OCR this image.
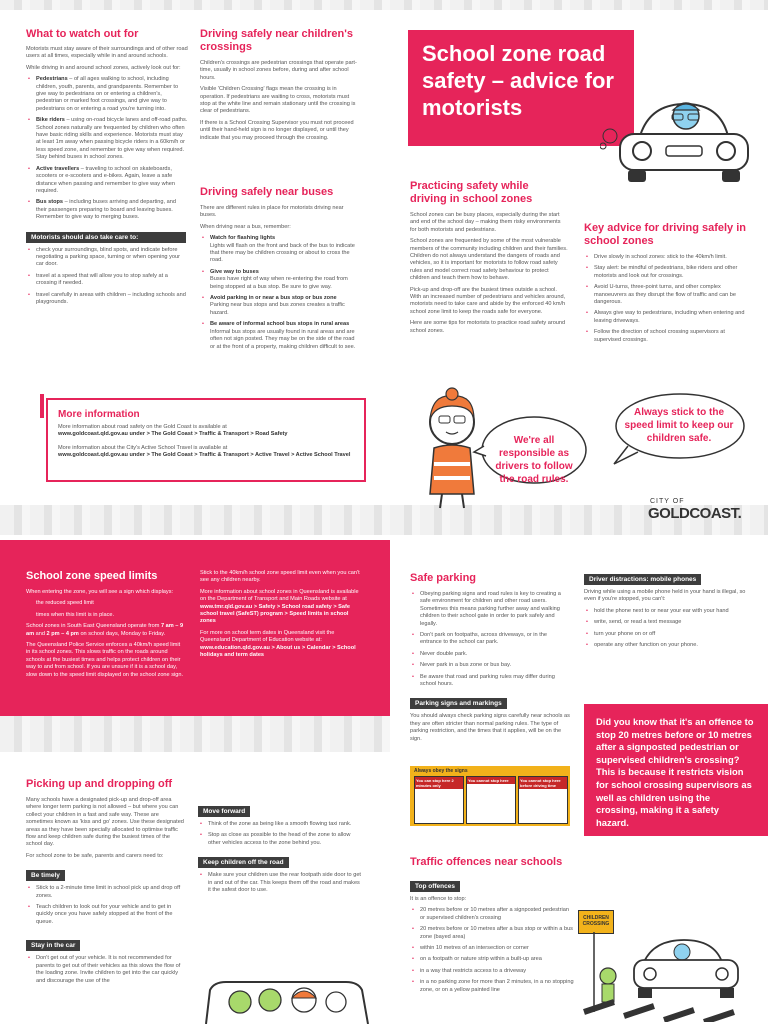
What to watch out for

Motorists must stay aware of their surroundings and of other road users at all times, especially while in and around schools.

While driving in and around school zones, actively look out for:

• Pedestrians – of all ages walking to school, including children, youth, parents, and grandparents. Remember to give way to pedestrians on or entering a children's, pedestrian or marked foot crossings, and give way to pedestrians on or entering a road you're turning into.
• Bike riders – using on-road bicycle lanes and off-road paths. School zones naturally are frequented by children who often have basic riding skills and experience. Motorists must stay at least 1m away when passing bicycle riders in a 60km/h or less speed zone, and remember to give way when required. Stay behind buses in school zones.
• Active travellers – traveling to school on skateboards, scooters or e-scooters and e-bikes. Again, leave a safe distance when passing and remember to give way when required.
• Bus stops – including buses arriving and departing, and their passengers preparing to board and leaving buses. Remember to give way to merging buses.
Motorists should also take care to:
• check your surroundings, blind spots, and indicate before negotiating a parking space, turning or when opening your car door.
• travel at a speed that will allow you to stop safely at a crossing if needed.
• travel carefully in areas with children – including schools and playgrounds.

Driving safely near children's crossings

Children's crossings are pedestrian crossings that operate part-time, usually in school zones before, during and after school hours.

Visible 'Children Crossing' flags mean the crossing is in operation. If pedestrians are waiting to cross, motorists must stop at the white line and remain stationary until the crossing is clear of pedestrians.

If there is a School Crossing Supervisor you must not proceed until their hand-held sign is no longer displayed, or until they indicate that you may proceed through the crossing.

Driving safely near buses

There are different rules in place for motorists driving near buses.

When driving near a bus, remember:

• Watch for flashing lights
Lights will flash on the front and back of the bus to indicate that there may be children crossing or about to cross the road.
• Give way to buses
Buses have right of way when re-entering the road from being stopped at a bus stop. Be sure to give way.
• Avoid parking in or near a bus stop or bus zone
Parking near bus stops and bus zones creates a traffic hazard.
• Be aware of informal school bus stops in rural areas
Informal bus stops are usually found in rural areas and are often not sign posted. They may be on the side of the road or at the front of a property, making children difficult to see.
School zone road safety – advice for motorists

Practicing safety while driving in school zones

School zones can be busy places, especially during the start and end of the school day – making them risky environments for both motorists and pedestrians.

School zones are frequented by some of the most vulnerable members of the community including children and their families. Children do not always understand the dangers of roads and vehicles, so it is important for motorists to follow road safety rules and model correct road safety behaviour to protect children and teach them how to behave.

Pick-up and drop-off are the busiest times outside a school. With an increased number of pedestrians and vehicles around, motorists need to take care and abide by the enforced 40 km/h school zone limit to keep the roads safe for everyone.

Here are some tips for motorists to practice road safety around school zones.

Key advice for driving safely in school zones

• Drive slowly in school zones: stick to the 40km/h limit.
• Stay alert: be mindful of pedestrians, bike riders and other motorists and look out for crossings.
• Avoid U-turns, three-point turns, and other complex manoeuvrers as they disrupt the flow of traffic and can be dangerous.
• Always give way to pedestrians, including when entering and leaving driveways.
• Follow the direction of school crossing supervisors at supervised crossings.

More information

More information about road safety on the Gold Coast is available at

www.goldcoast.qld.gov.au under > The Gold Coast > Traffic & Transport > Road Safety

More information about the City's Active School Travel is available at

www.goldcoast.qld.gov.au under > The Gold Coast > Traffic & Transport > Active Travel > Active School Travel

We're all responsible as drivers to follow the road rules.
Always stick to the speed limit to keep our children safe.
CITY OF
GOLDCOAST.

School zone speed limits

When entering the zone, you will see a sign which displays:

• the reduced speed limit
• times when this limit is in place.

School zones in South East Queensland operate from 7 am – 9 am and 2 pm – 4 pm on school days, Monday to Friday.

The Queensland Police Service enforces a 40km/h speed limit in its school zones. This slows traffic on the roads around schools at the busiest times and helps protect children on their way to and from school. If you are unsure if it is a school day, slow down to the speed limit displayed on the school zone sign.

Stick to the 40km/h school zone speed limit even when you can't see any children nearby.

More information about school zones in Queensland is available on the Department of Transport and Main Roads website at www.tmr.qld.gov.au > Safety > School road safety > Safe school travel (SafeST) program > Speed limits in school zones

For more on school term dates in Queensland visit the Queensland Department of Education website at: www.education.qld.gov.au > About us > Calendar > School holidays and term dates

Picking up and dropping off

Many schools have a designated pick-up and drop-off area where longer term parking is not allowed – but where you can collect your children in a fast and safe way. These are sometimes known as 'kiss and go' zones. Use these designated areas as they have been specially allocated to optimise traffic flow and keep children safe during the busiest times of the school day.

For school zone to be safe, parents and carers need to:

Be timely
• Stick to a 2-minute time limit in school pick up and drop off zones.
• Teach children to look out for your vehicle and to get in quickly once you have safely stopped at the front of the queue.
Stay in the car
• Don't get out of your vehicle. It is not recommended for parents to get out of their vehicles as this slows the flow of the loading zone. Invite children to get into the car quickly and discourage the use of the
Move forward
• Think of the zone as being like a smooth flowing taxi rank.
• Stop as close as possible to the head of the zone to allow other vehicles access to the zone behind you.
Keep children off the road
• Make sure your children use the rear footpath side door to get in and out of the car. This keeps them off the road and makes it the safest door to use.

Safe parking

• Obeying parking signs and road rules is key to creating a safe environment for children and other road users. Sometimes this means parking further away and walking children to their school gate in order to park safely and legally.
• Don't park on footpaths, across driveways, or in the entrance to the school car park.
• Never double park.
• Never park in a bus zone or bus bay.
• Be aware that road and parking rules may differ during school hours.
Parking signs and markings

You should always check parking signs carefully near schools as they are often stricter than normal parking rules. The type of parking restriction, and the times that it applies, will be on the sign.

Always obey the signs
You can stop here 2 minutes only
You cannot stop here	You cannot stop here before driving time
Driver distractions: mobile phones

Driving while using a mobile phone held in your hand is illegal, so even if you're stopped, you can't:

• hold the phone next to or near your ear with your hand
• write, send, or read a text message
• turn your phone on or off
• operate any other function on your phone.
Did you know that it's an offence to stop 20 metres before or 10 metres after a signposted pedestrian or supervised children's crossing? This is because it restricts vision for school crossing supervisors as well as children using the crossing, making it a safety hazard.

Traffic offences near schools

Top offences

It is an offence to stop:

• 20 metres before or 10 metres after a signposted pedestrian or supervised children's crossing
• 20 metres before or 10 metres after a bus stop or within a bus zone (bayed area)
• within 10 metres of an intersection or corner
• on a footpath or nature strip within a built-up area
• in a way that restricts access to a driveway
• in a no parking zone for more than 2 minutes, in a no stopping zone, or on a yellow painted line
CHILDREN CROSSING
